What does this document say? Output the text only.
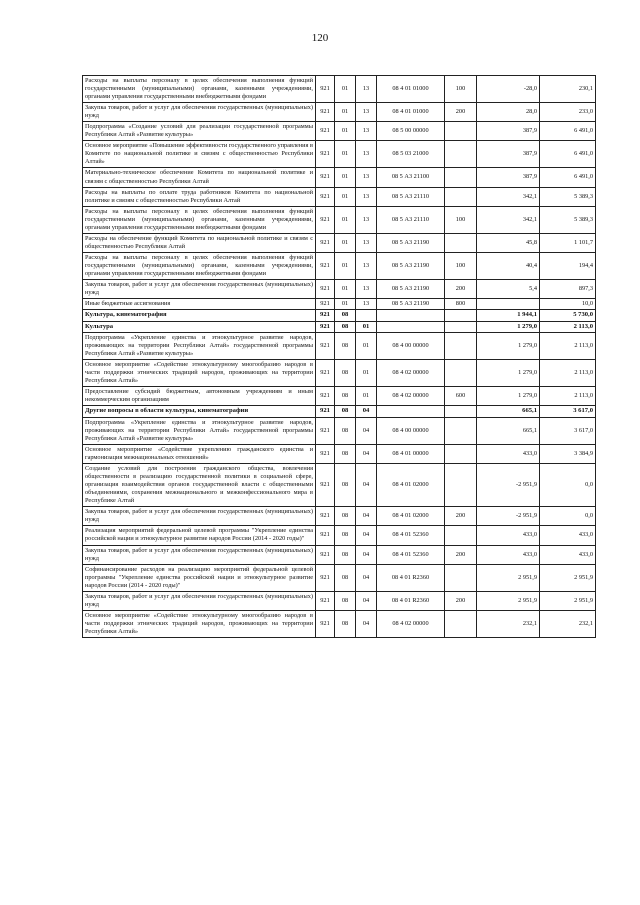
120
Расходы на выплаты персоналу в целях обеспечения выполнения функций государственными (муниципальными) органами, казенными учреждениями, органами управления государственными внебюджетными фондами	921	01	13	08 4 01 01000	100	-28,0	230,1
Закупка товаров, работ и услуг для обеспечения государственных (муниципальных) нужд	921	01	13	08 4 01 01000	200	28,0	233,0
Подпрограмма «Создание условий для реализации государственной программы Республики Алтай «Развитие культуры»	921	01	13	08 5 00 00000		387,9	6 491,0
Основное мероприятие «Повышение эффективности государственного управления в Комитете по национальной политике и связям с общественностью Республики Алтай»	921	01	13	08 5 03 21000		387,9	6 491,0
Материально-техническое обеспечение Комитета по национальной политике и связям с общественностью Республики Алтай	921	01	13	08 5 А3 21100		387,9	6 491,0
Расходы на выплаты по оплате труда работников Комитета по национальной политике и связям с общественностью Республики Алтай	921	01	13	08 5 А3 21110		342,1	5 389,3
Расходы на выплаты персоналу в целях обеспечения выполнения функций государственными (муниципальными) органами, казенными учреждениями, органами управления государственными внебюджетными фондами	921	01	13	08 5 А3 21110	100	342,1	5 389,3
Расходы на обеспечение функций Комитета по национальной политике и связям с общественностью Республики Алтай	921	01	13	08 5 А3 21190		45,8	1 101,7
Расходы на выплаты персоналу в целях обеспечения выполнения функций государственными (муниципальными) органами, казенными учреждениями, органами управления государственными внебюджетными фондами	921	01	13	08 5 А3 21190	100	40,4	194,4
Закупка товаров, работ и услуг для обеспечения государственных (муниципальных) нужд	921	01	13	08 5 А3 21190	200	5,4	897,3
Иные бюджетные ассигнования	921	01	13	08 5 А3 21190	800		10,0
Культура, кинематография	921	08				1 944,1	5 730,0
Культура	921	08	01			1 279,0	2 113,0
Подпрограмма «Укрепление единства и этнокультурное развитие народов, проживающих на территории Республики Алтай» государственной программы Республики Алтай «Развитие культуры»	921	08	01	08 4 00 00000		1 279,0	2 113,0
Основное мероприятие «Содействие этнокультурному многообразию народов в части поддержки этнических традиций народов, проживающих на территории Республики Алтай»	921	08	01	08 4 02 00000		1 279,0	2 113,0
Предоставление субсидий бюджетным, автономным учреждениям и иным некоммерческим организациям	921	08	01	08 4 02 00000	600	1 279,0	2 113,0
Другие вопросы в области культуры, кинематографии	921	08	04			665,1	3 617,0
Подпрограмма «Укрепление единства и этнокультурное развитие народов, проживающих на территории Республики Алтай» государственной программы Республики Алтай «Развитие культуры»	921	08	04	08 4 00 00000		665,1	3 617,0
Основное мероприятие «Содействие укреплению гражданского единства и гармонизация межнациональных отношений»	921	08	04	08 4 01 00000		433,0	3 384,9
Создание условий для построения гражданского общества, вовлечения общественности в реализацию государственной политики в социальной сфере, организация взаимодействия органов государственной власти с общественными объединениями, сохранения межнационального и межконфессионального мира в Республике Алтай	921	08	04	08 4 01 02000		-2 951,9	0,0
Закупка товаров, работ и услуг для обеспечения государственных (муниципальных) нужд	921	08	04	08 4 01 02000	200	-2 951,9	0,0
Реализация мероприятий федеральной целевой программы "Укрепление единства российской нации и этнокультурное развитие народов России (2014 - 2020 годы)"	921	08	04	08 4 01 52360		433,0	433,0
Закупка товаров, работ и услуг для обеспечения государственных (муниципальных) нужд	921	08	04	08 4 01 52360	200	433,0	433,0
Софинансирование расходов на реализацию мероприятий федеральной целевой программы "Укрепление единства российской нации и этнокультурное развитие народов России (2014 - 2020 годы)"	921	08	04	08 4 01 R2360		2 951,9	2 951,9
Закупка товаров, работ и услуг для обеспечения государственных (муниципальных) нужд	921	08	04	08 4 01 R2360	200	2 951,9	2 951,9
Основное мероприятие «Содействие этнокультурному многообразию народов в части поддержки этнических традиций народов, проживающих на территории Республики Алтай»	921	08	04	08 4 02 00000		232,1	232,1
